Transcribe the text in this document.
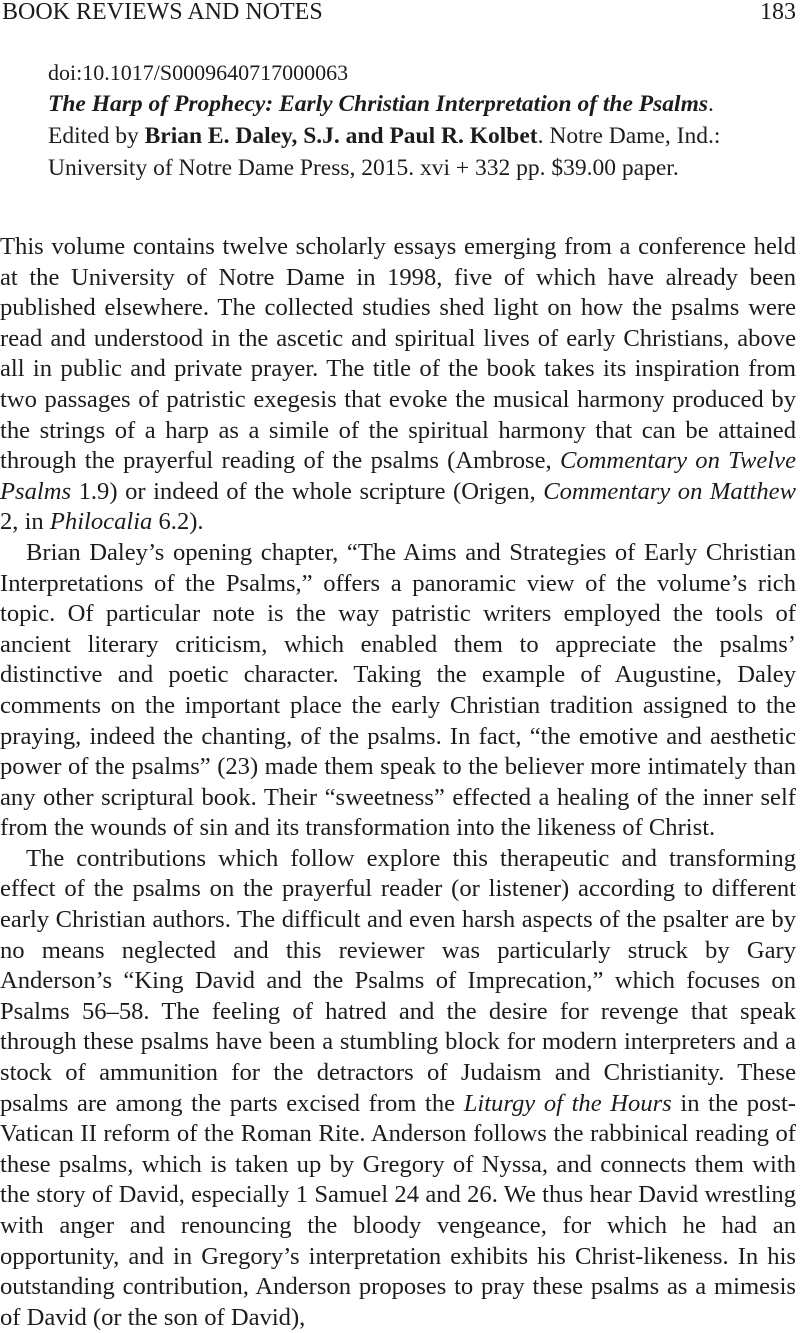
BOOK REVIEWS AND NOTES	183
doi:10.1017/S0009640717000063
The Harp of Prophecy: Early Christian Interpretation of the Psalms. Edited by Brian E. Daley, S.J. and Paul R. Kolbet. Notre Dame, Ind.: University of Notre Dame Press, 2015. xvi + 332 pp. $39.00 paper.

This volume contains twelve scholarly essays emerging from a conference held at the University of Notre Dame in 1998, five of which have already been published elsewhere. The collected studies shed light on how the psalms were read and understood in the ascetic and spiritual lives of early Christians, above all in public and private prayer. The title of the book takes its inspiration from two passages of patristic exegesis that evoke the musical harmony produced by the strings of a harp as a simile of the spiritual harmony that can be attained through the prayerful reading of the psalms (Ambrose, Commentary on Twelve Psalms 1.9) or indeed of the whole scripture (Origen, Commentary on Matthew 2, in Philocalia 6.2).

Brian Daley’s opening chapter, “The Aims and Strategies of Early Christian Interpretations of the Psalms,” offers a panoramic view of the volume’s rich topic. Of particular note is the way patristic writers employed the tools of ancient literary criticism, which enabled them to appreciate the psalms’ distinctive and poetic character. Taking the example of Augustine, Daley comments on the important place the early Christian tradition assigned to the praying, indeed the chanting, of the psalms. In fact, “the emotive and aesthetic power of the psalms” (23) made them speak to the believer more intimately than any other scriptural book. Their “sweetness” effected a healing of the inner self from the wounds of sin and its transformation into the likeness of Christ.

The contributions which follow explore this therapeutic and transforming effect of the psalms on the prayerful reader (or listener) according to different early Christian authors. The difficult and even harsh aspects of the psalter are by no means neglected and this reviewer was particularly struck by Gary Anderson’s “King David and the Psalms of Imprecation,” which focuses on Psalms 56–58. The feeling of hatred and the desire for revenge that speak through these psalms have been a stumbling block for modern interpreters and a stock of ammunition for the detractors of Judaism and Christianity. These psalms are among the parts excised from the Liturgy of the Hours in the post-Vatican II reform of the Roman Rite. Anderson follows the rabbinical reading of these psalms, which is taken up by Gregory of Nyssa, and connects them with the story of David, especially 1 Samuel 24 and 26. We thus hear David wrestling with anger and renouncing the bloody vengeance, for which he had an opportunity, and in Gregory’s interpretation exhibits his Christ-likeness. In his outstanding contribution, Anderson proposes to pray these psalms as a mimesis of David (or the son of David),
